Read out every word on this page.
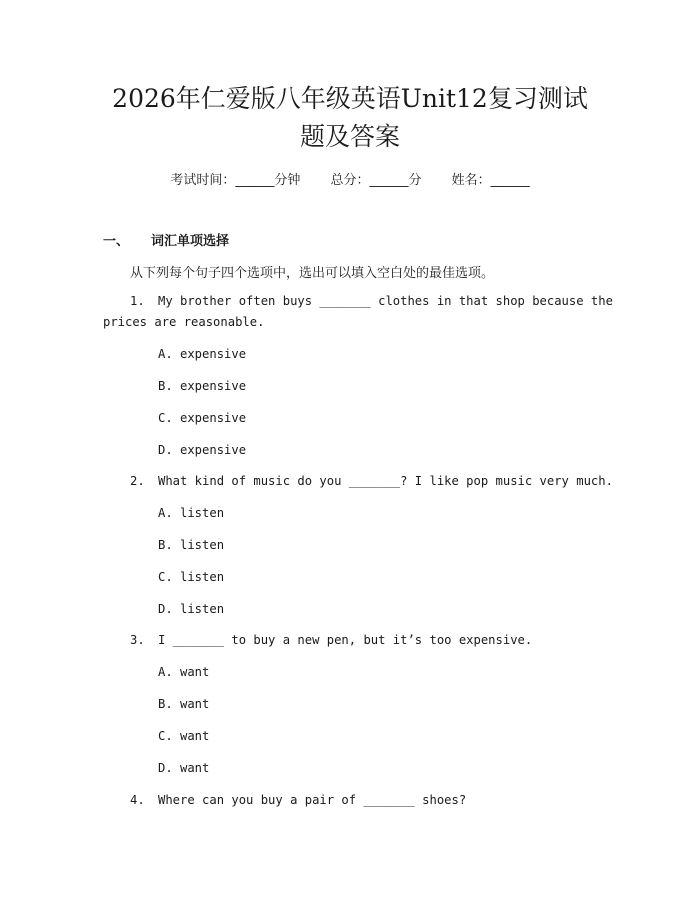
2026年仁爱版八年级英语Unit12复习测试
题及答案
考试时间：______分钟 总分：______分 姓名：______
一、 词汇单项选择
从下列每个句子四个选项中，选出可以填入空白处的最佳选项。
1. My brother often buys _______ clothes in that shop because the
prices are reasonable.
A. expensive
B. expensive
C. expensive
D. expensive
2. What kind of music do you _______? I like pop music very much.
A. listen
B. listen
C. listen
D. listen
3. I _______ to buy a new pen, but it’s too expensive.
A. want
B. want
C. want
D. want
4. Where can you buy a pair of _______ shoes?
